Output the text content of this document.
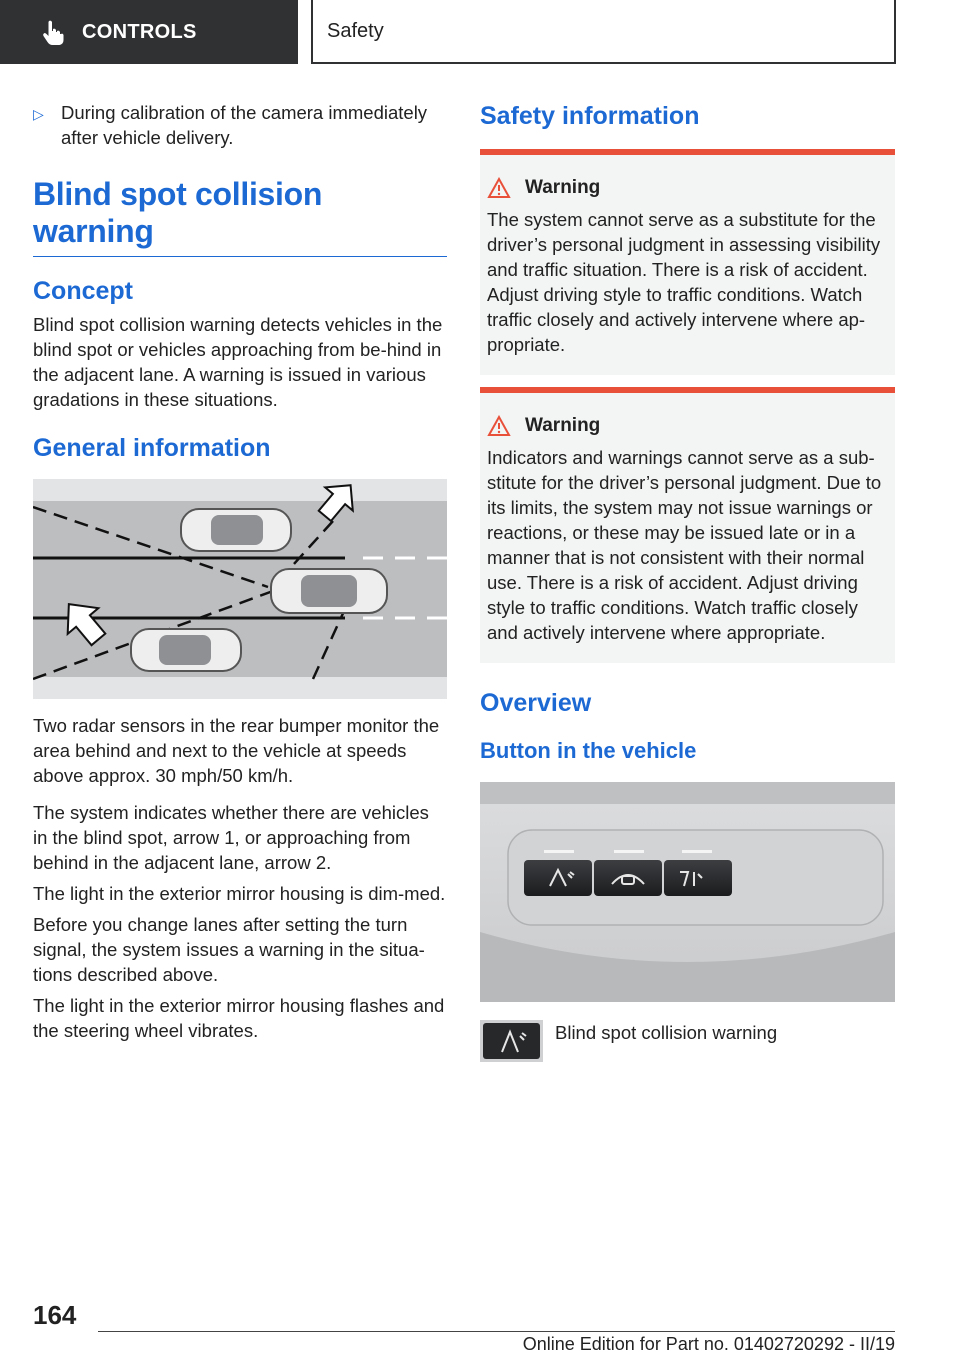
CONTROLS	Safety
▷ During calibration of the camera immediately after vehicle delivery.
Blind spot collision warning
Concept

Blind spot collision warning detects vehicles in the blind spot or vehicles approaching from be-hind in the adjacent lane. A warning is issued in various gradations in these situations.

General information

Two radar sensors in the rear bumper monitor the area behind and next to the vehicle at speeds above approx. 30 mph/50 km/h.

The system indicates whether there are vehicles in the blind spot, arrow 1, or approaching from behind in the adjacent lane, arrow 2.

The light in the exterior mirror housing is dim-med.

Before you change lanes after setting the turn signal, the system issues a warning in the situa-tions described above.

The light in the exterior mirror housing flashes and the steering wheel vibrates.

Safety information
Warning

The system cannot serve as a substitute for the driver’s personal judgment in assessing visibility and traffic situation. There is a risk of accident. Adjust driving style to traffic conditions. Watch traffic closely and actively intervene where ap-propriate.

Warning

Indicators and warnings cannot serve as a sub-stitute for the driver’s personal judgment. Due to its limits, the system may not issue warnings or reactions, or these may be issued late or in a manner that is not consistent with their normal use. There is a risk of accident. Adjust driving style to traffic conditions. Watch traffic closely and actively intervene where appropriate.

Overview
Button in the vehicle
Blind spot collision warning
164
Online Edition for Part no. 01402720292 - II/19
